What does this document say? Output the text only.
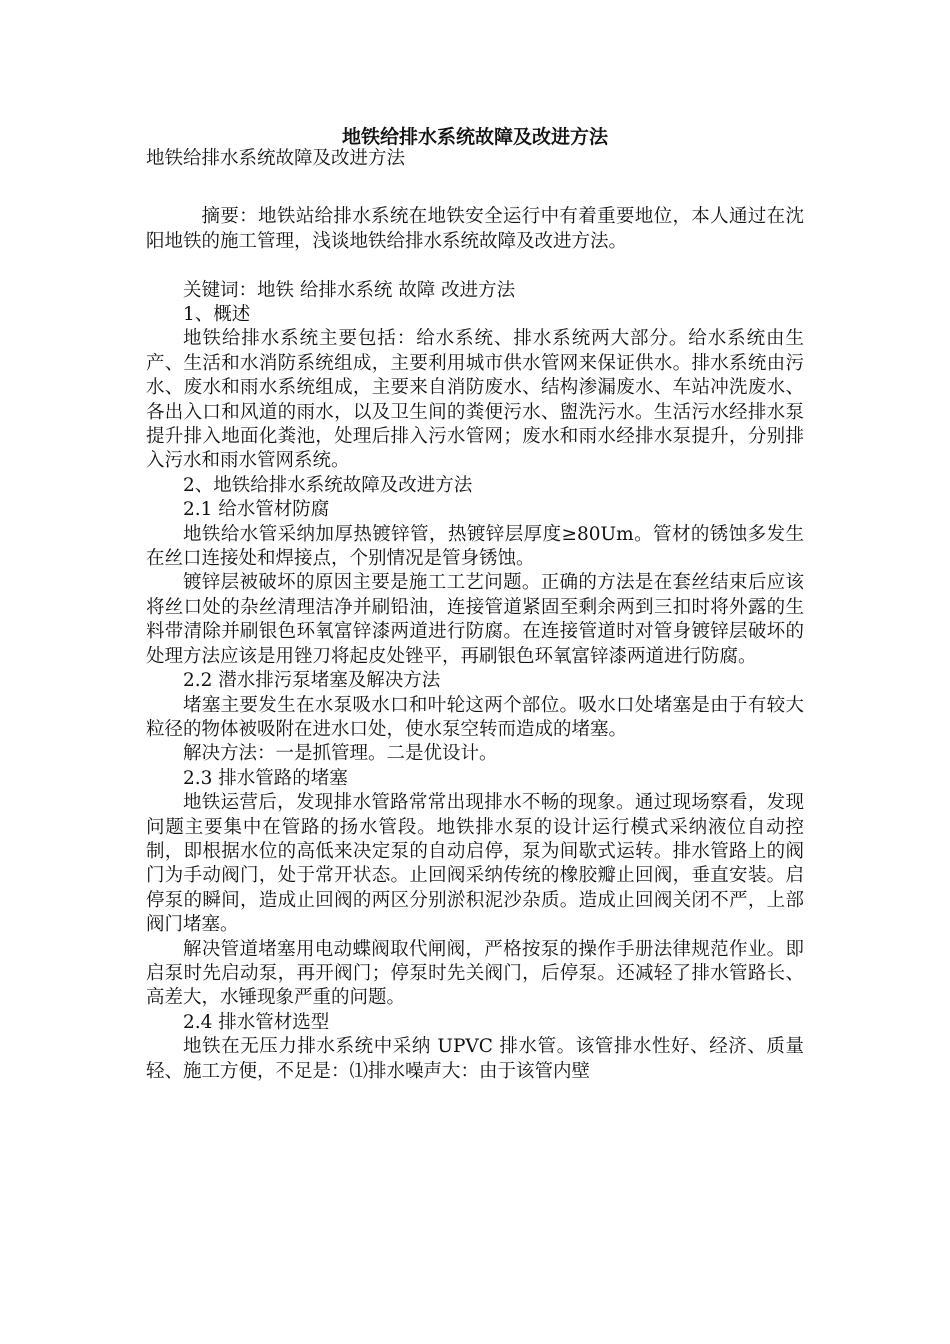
地铁给排水系统故障及改进方法

地铁给排水系统故障及改进方法

摘要：地铁站给排水系统在地铁安全运行中有着重要地位，本人通过在沈阳地铁的施工管理，浅谈地铁给排水系统故障及改进方法。

关键词：地铁 给排水系统 故障 改进方法

1、概述

地铁给排水系统主要包括：给水系统、排水系统两大部分。给水系统由生产、生活和水消防系统组成，主要利用城市供水管网来保证供水。排水系统由污水、废水和雨水系统组成，主要来自消防废水、结构渗漏废水、车站冲洗废水、各出入口和风道的雨水，以及卫生间的粪便污水、盥洗污水。生活污水经排水泵提升排入地面化粪池，处理后排入污水管网；废水和雨水经排水泵提升，分别排入污水和雨水管网系统。

2、地铁给排水系统故障及改进方法

2.1 给水管材防腐

地铁给水管采纳加厚热镀锌管，热镀锌层厚度≥80Um。管材的锈蚀多发生在丝口连接处和焊接点，个别情况是管身锈蚀。

镀锌层被破坏的原因主要是施工工艺问题。正确的方法是在套丝结束后应该将丝口处的杂丝清理洁净并刷铅油，连接管道紧固至剩余两到三扣时将外露的生料带清除并刷银色环氧富锌漆两道进行防腐。在连接管道时对管身镀锌层破坏的处理方法应该是用锉刀将起皮处锉平，再刷银色环氧富锌漆两道进行防腐。

2.2 潜水排污泵堵塞及解决方法

堵塞主要发生在水泵吸水口和叶轮这两个部位。吸水口处堵塞是由于有较大粒径的物体被吸附在进水口处，使水泵空转而造成的堵塞。

解决方法：一是抓管理。二是优设计。

2.3 排水管路的堵塞

地铁运营后，发现排水管路常常出现排水不畅的现象。通过现场察看，发现问题主要集中在管路的扬水管段。地铁排水泵的设计运行模式采纳液位自动控制，即根据水位的高低来决定泵的自动启停，泵为间歇式运转。排水管路上的阀门为手动阀门，处于常开状态。止回阀采纳传统的橡胶瓣止回阀，垂直安装。启停泵的瞬间，造成止回阀的两区分别淤积泥沙杂质。造成止回阀关闭不严，上部阀门堵塞。

解决管道堵塞用电动蝶阀取代闸阀，严格按泵的操作手册法律规范作业。即启泵时先启动泵，再开阀门；停泵时先关阀门，后停泵。还减轻了排水管路长、高差大，水锤现象严重的问题。

2.4 排水管材选型

地铁在无压力排水系统中采纳 UPVC 排水管。该管排水性好、经济、质量轻、施工方便，不足是：⑴排水噪声大：由于该管内壁
